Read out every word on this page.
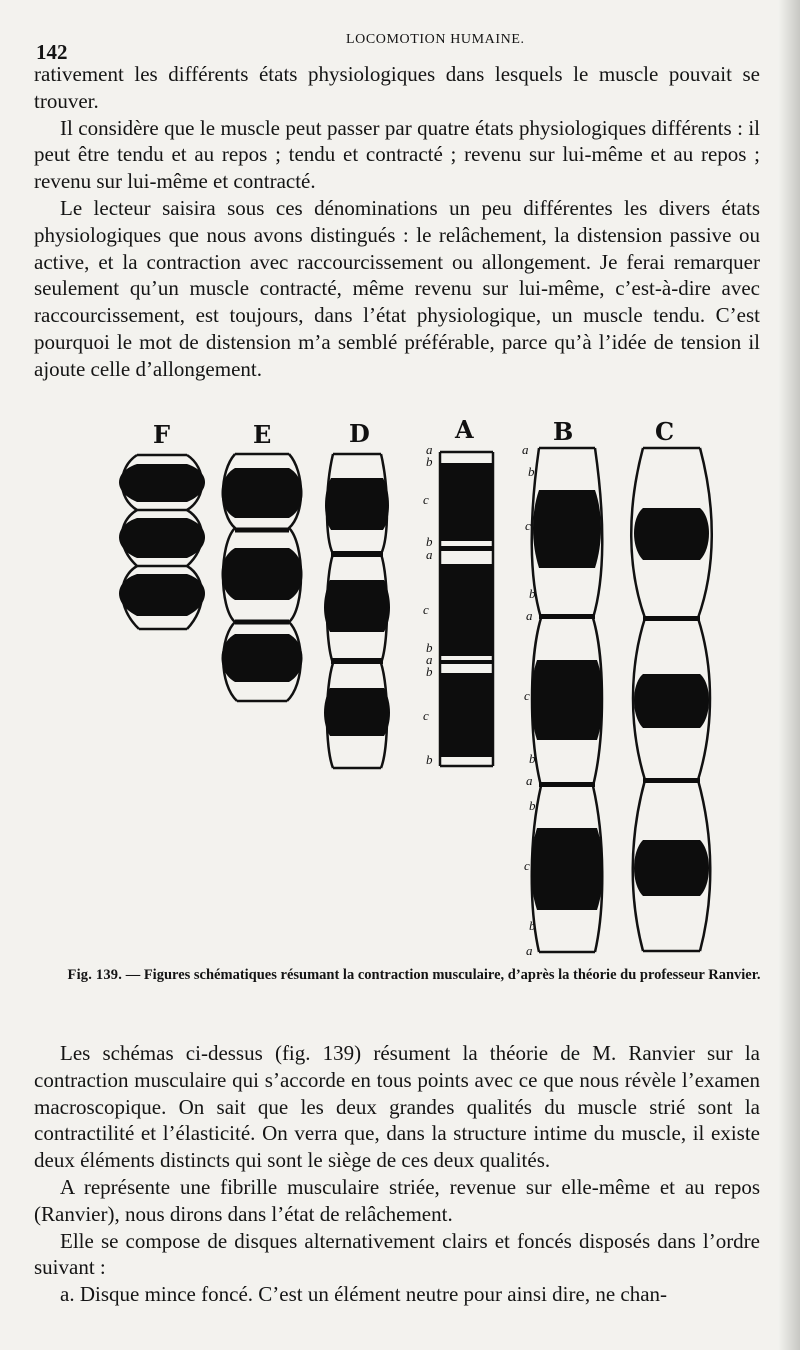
142
LOCOMOTION HUMAINE.

rativement les différents états physiologiques dans lesquels le muscle pouvait se trouver.

Il considère que le muscle peut passer par quatre états physiologiques différents : il peut être tendu et au repos ; tendu et contracté ; revenu sur lui-même et au repos ; revenu sur lui-même et contracté.

Le lecteur saisira sous ces dénominations un peu différentes les divers états physiologiques que nous avons distingués : le relâchement, la distension passive ou active, et la contraction avec raccourcissement ou allongement. Je ferai remarquer seulement qu’un muscle contracté, même revenu sur lui-même, c’est-à-dire avec raccourcissement, est toujours, dans l’état physiologique, un muscle tendu. C’est pourquoi le mot de distension m’a semblé préférable, parce qu’à l’idée de tension il ajoute celle d’allongement.

F	E	D	A	B	C
a
b
c
b
a
c
b
a
b
c
b
a
b
c
b
a
c
b
a
b
c
b
a
Fig. 139. — Figures schématiques résumant la contraction musculaire, d’après la théorie du professeur Ranvier.

Les schémas ci-dessus (fig. 139) résument la théorie de M. Ranvier sur la contraction musculaire qui s’accorde en tous points avec ce que nous révèle l’examen macroscopique. On sait que les deux grandes qualités du muscle strié sont la contractilité et l’élasticité. On verra que, dans la structure intime du muscle, il existe deux éléments distincts qui sont le siège de ces deux qualités.

A représente une fibrille musculaire striée, revenue sur elle-même et au repos (Ranvier), nous dirons dans l’état de relâchement.

Elle se compose de disques alternativement clairs et foncés disposés dans l’ordre suivant :

a. Disque mince foncé. C’est un élément neutre pour ainsi dire, ne chan-
